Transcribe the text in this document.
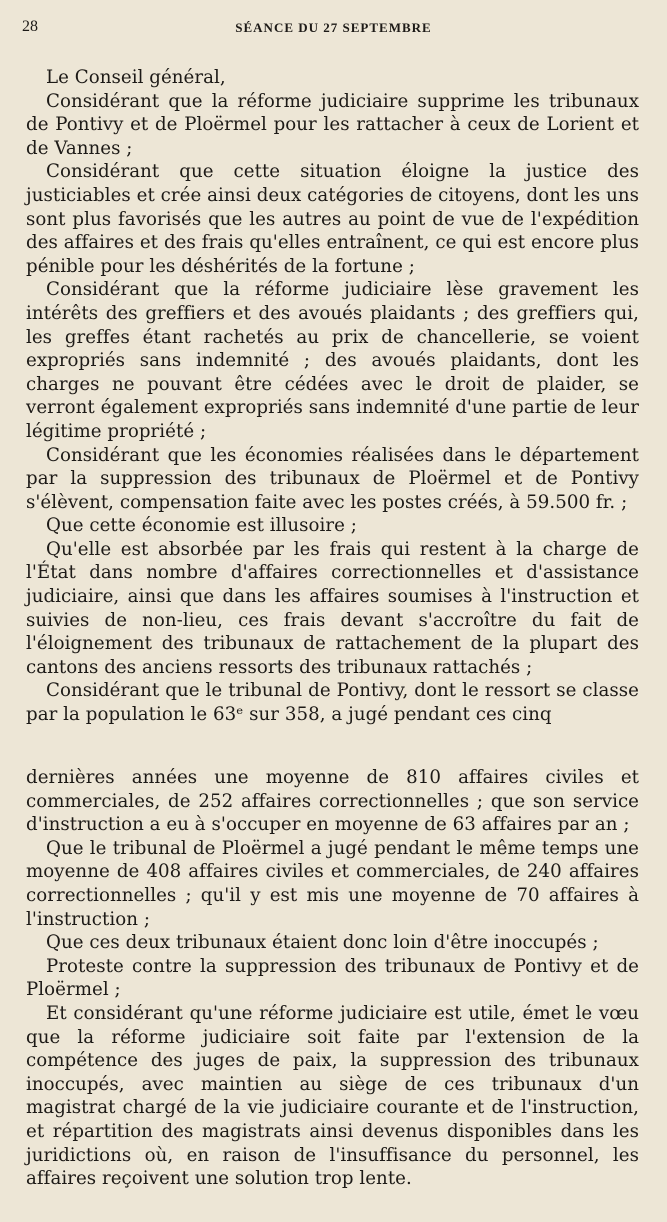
28	SÉANCE DU 27 SEPTEMBRE

Le Conseil général,

Considérant que la réforme judiciaire supprime les tribunaux de Pontivy et de Ploërmel pour les rattacher à ceux de Lorient et de Vannes ;

Considérant que cette situation éloigne la justice des justiciables et crée ainsi deux catégories de citoyens, dont les uns sont plus favorisés que les autres au point de vue de l'expédition des affaires et des frais qu'elles entraînent, ce qui est encore plus pénible pour les déshérités de la fortune ;

Considérant que la réforme judiciaire lèse gravement les intérêts des greffiers et des avoués plaidants ; des greffiers qui, les greffes étant rachetés au prix de chancellerie, se voient expropriés sans indemnité ; des avoués plaidants, dont les charges ne pouvant être cédées avec le droit de plaider, se verront également expropriés sans indemnité d'une partie de leur légitime propriété ;

Considérant que les économies réalisées dans le département par la suppression des tribunaux de Ploërmel et de Pontivy s'élèvent, compensation faite avec les postes créés, à 59.500 fr. ;

Que cette économie est illusoire ;

Qu'elle est absorbée par les frais qui restent à la charge de l'État dans nombre d'affaires correctionnelles et d'assistance judiciaire, ainsi que dans les affaires soumises à l'instruction et suivies de non-lieu, ces frais devant s'accroître du fait de l'éloignement des tribunaux de rattachement de la plupart des cantons des anciens ressorts des tribunaux rattachés ;

Considérant que le tribunal de Pontivy, dont le ressort se classe par la population le 63ᵉ sur 358, a jugé pendant ces cinq

dernières années une moyenne de 810 affaires civiles et commerciales, de 252 affaires correctionnelles ; que son service d'instruction a eu à s'occuper en moyenne de 63 affaires par an ;

Que le tribunal de Ploërmel a jugé pendant le même temps une moyenne de 408 affaires civiles et commerciales, de 240 affaires correctionnelles ; qu'il y est mis une moyenne de 70 affaires à l'instruction ;

Que ces deux tribunaux étaient donc loin d'être inoccupés ;

Proteste contre la suppression des tribunaux de Pontivy et de Ploërmel ;

Et considérant qu'une réforme judiciaire est utile, émet le vœu que la réforme judiciaire soit faite par l'extension de la compétence des juges de paix, la suppression des tribunaux inoccupés, avec maintien au siège de ces tribunaux d'un magistrat chargé de la vie judiciaire courante et de l'instruction, et répartition des magistrats ainsi devenus disponibles dans les juridictions où, en raison de l'insuffisance du personnel, les affaires reçoivent une solution trop lente.
